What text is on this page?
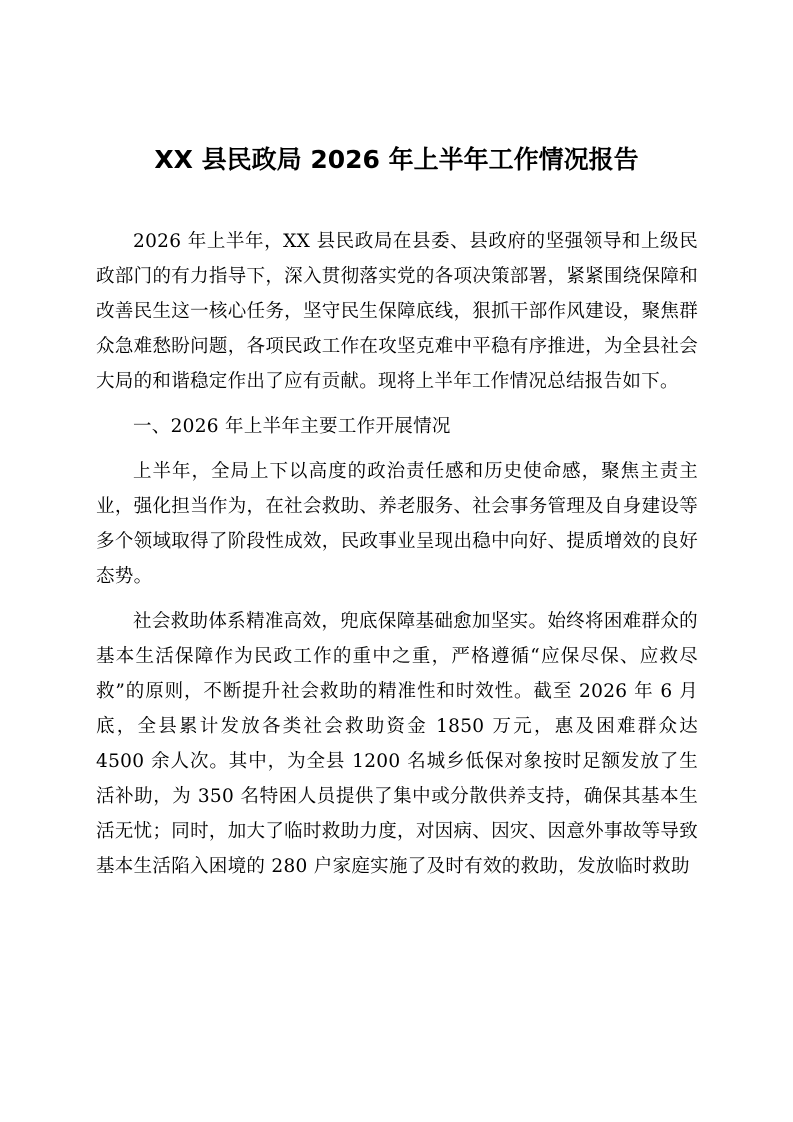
XX 县民政局 2026 年上半年工作情况报告

2026 年上半年，XX 县民政局在县委、县政府的坚强领导和上级民政部门的有力指导下，深入贯彻落实党的各项决策部署，紧紧围绕保障和改善民生这一核心任务，坚守民生保障底线，狠抓干部作风建设，聚焦群众急难愁盼问题，各项民政工作在攻坚克难中平稳有序推进，为全县社会大局的和谐稳定作出了应有贡献。现将上半年工作情况总结报告如下。

一、2026 年上半年主要工作开展情况

上半年，全局上下以高度的政治责任感和历史使命感，聚焦主责主业，强化担当作为，在社会救助、养老服务、社会事务管理及自身建设等多个领域取得了阶段性成效，民政事业呈现出稳中向好、提质增效的良好态势。

社会救助体系精准高效，兜底保障基础愈加坚实。始终将困难群众的基本生活保障作为民政工作的重中之重，严格遵循“应保尽保、应救尽救”的原则，不断提升社会救助的精准性和时效性。截至 2026 年 6 月底，全县累计发放各类社会救助资金 1850 万元，惠及困难群众达 4500 余人次。其中，为全县 1200 名城乡低保对象按时足额发放了生活补助，为 350 名特困人员提供了集中或分散供养支持，确保其基本生活无忧；同时，加大了临时救助力度，对因病、因灾、因意外事故等导致基本生活陷入困境的 280 户家庭实施了及时有效的救助，发放临时救助
